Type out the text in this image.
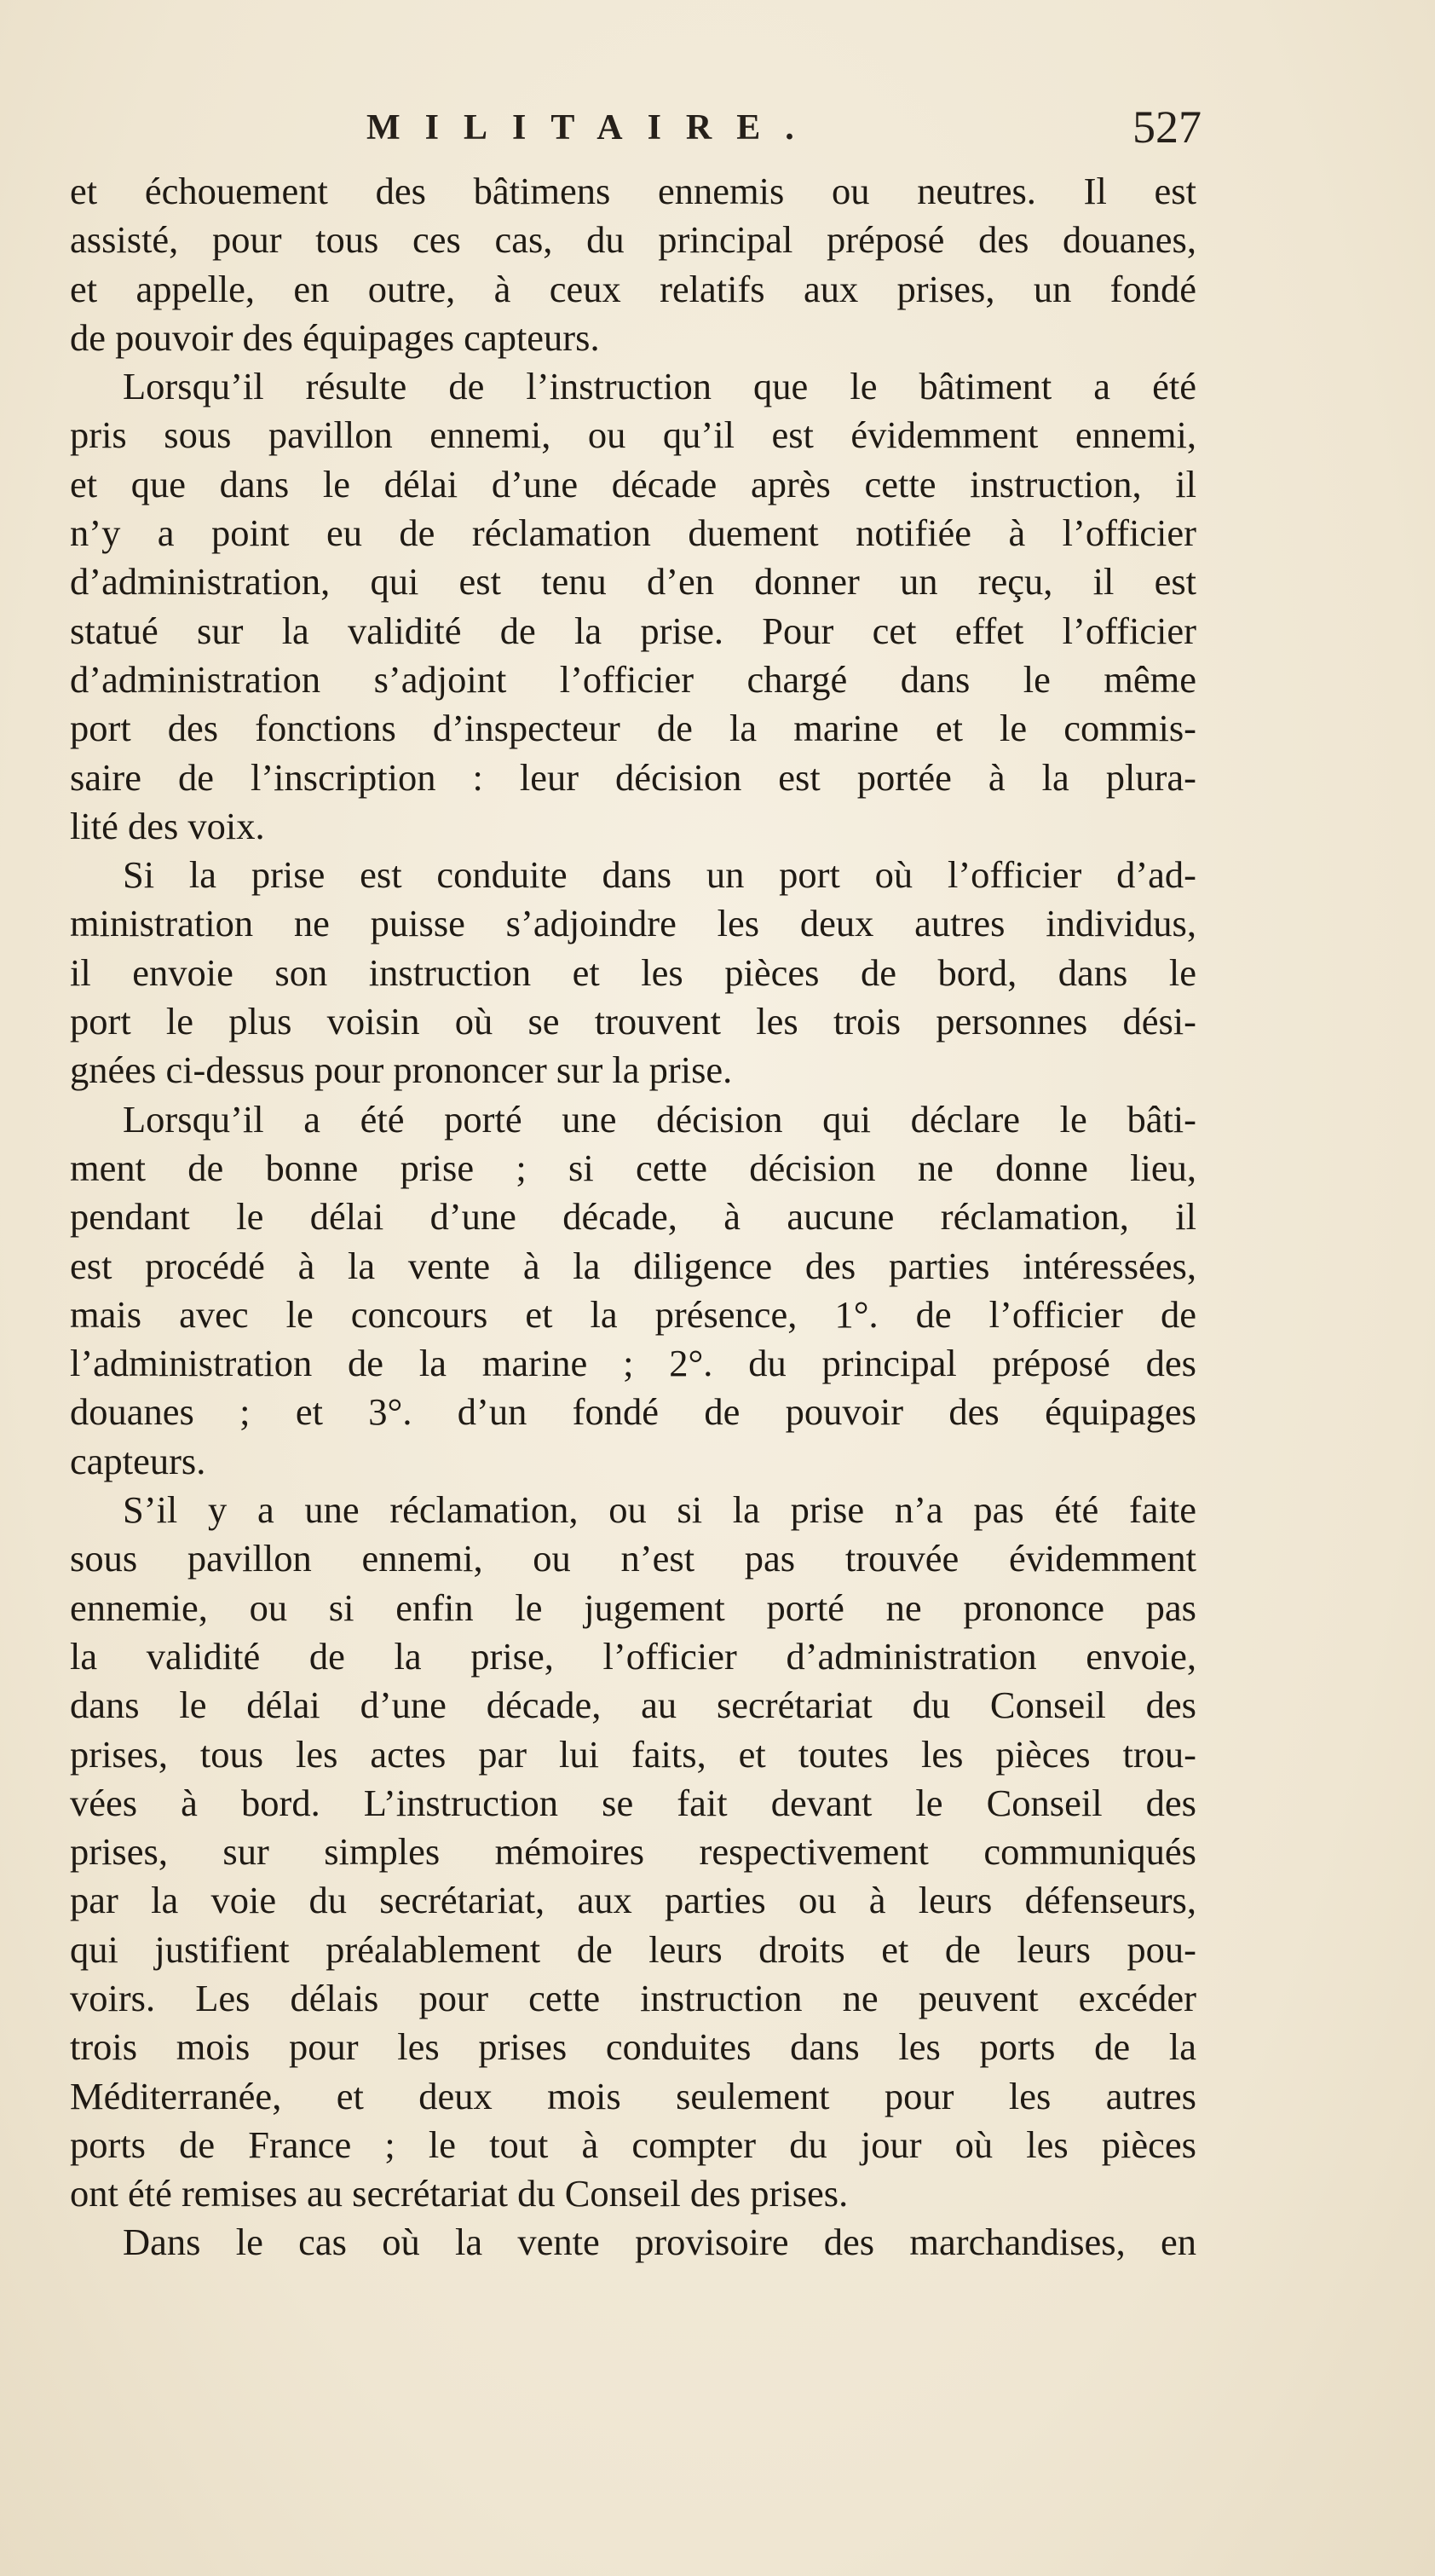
MILITAIRE.	527
et échouement des bâtimens ennemis ou neutres. Il est
assisté, pour tous ces cas, du principal préposé des douanes,
et appelle, en outre, à ceux relatifs aux prises, un fondé
de pouvoir des équipages capteurs.
Lorsqu’il résulte de l’instruction que le bâtiment a été
pris sous pavillon ennemi, ou qu’il est évidemment ennemi,
et que dans le délai d’une décade après cette instruction, il
n’y a point eu de réclamation duement notifiée à l’officier
d’administration, qui est tenu d’en donner un reçu, il est
statué sur la validité de la prise. Pour cet effet l’officier
d’administration s’adjoint l’officier chargé dans le même
port des fonctions d’inspecteur de la marine et le commis-
saire de l’inscription : leur décision est portée à la plura-
lité des voix.
Si la prise est conduite dans un port où l’officier d’ad-
ministration ne puisse s’adjoindre les deux autres individus,
il envoie son instruction et les pièces de bord, dans le
port le plus voisin où se trouvent les trois personnes dési-
gnées ci-dessus pour prononcer sur la prise.
Lorsqu’il a été porté une décision qui déclare le bâti-
ment de bonne prise ; si cette décision ne donne lieu,
pendant le délai d’une décade, à aucune réclamation, il
est procédé à la vente à la diligence des parties intéressées,
mais avec le concours et la présence, 1°. de l’officier de
l’administration de la marine ; 2°. du principal préposé des
douanes ; et 3°. d’un fondé de pouvoir des équipages
capteurs.
S’il y a une réclamation, ou si la prise n’a pas été faite
sous pavillon ennemi, ou n’est pas trouvée évidemment
ennemie, ou si enfin le jugement porté ne prononce pas
la validité de la prise, l’officier d’administration envoie,
dans le délai d’une décade, au secrétariat du Conseil des
prises, tous les actes par lui faits, et toutes les pièces trou-
vées à bord. L’instruction se fait devant le Conseil des
prises, sur simples mémoires respectivement communiqués
par la voie du secrétariat, aux parties ou à leurs défenseurs,
qui justifient préalablement de leurs droits et de leurs pou-
voirs. Les délais pour cette instruction ne peuvent excéder
trois mois pour les prises conduites dans les ports de la
Méditerranée, et deux mois seulement pour les autres
ports de France ; le tout à compter du jour où les pièces
ont été remises au secrétariat du Conseil des prises.
Dans le cas où la vente provisoire des marchandises, en
